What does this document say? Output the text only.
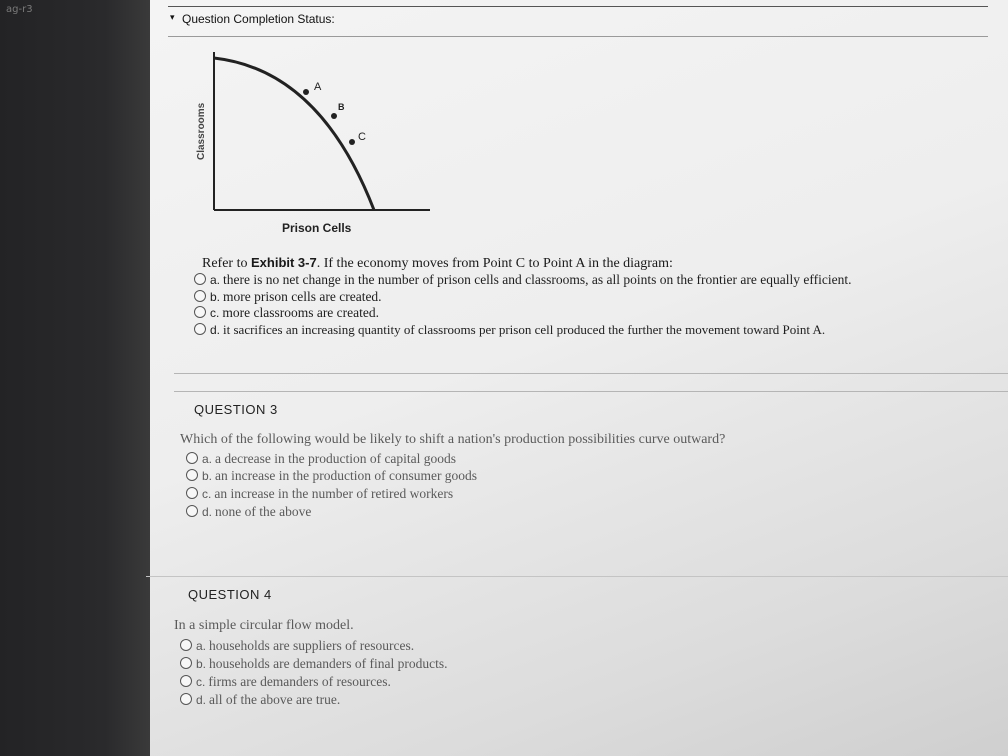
ag-r3
▾ Question Completion Status:
A
B
C
Prison Cells
Classrooms
Refer to Exhibit 3-7. If the economy moves from Point C to Point A in the diagram:
a. there is no net change in the number of prison cells and classrooms, as all points on the frontier are equally efficient.
b. more prison cells are created.
c. more classrooms are created.
d. it sacrifices an increasing quantity of classrooms per prison cell produced the further the movement toward Point A.
QUESTION 3
Which of the following would be likely to shift a nation's production possibilities curve outward?
a. a decrease in the production of capital goods
b. an increase in the production of consumer goods
c. an increase in the number of retired workers
d. none of the above
QUESTION 4
In a simple circular flow model.
a. households are suppliers of resources.
b. households are demanders of final products.
c. firms are demanders of resources.
d. all of the above are true.
